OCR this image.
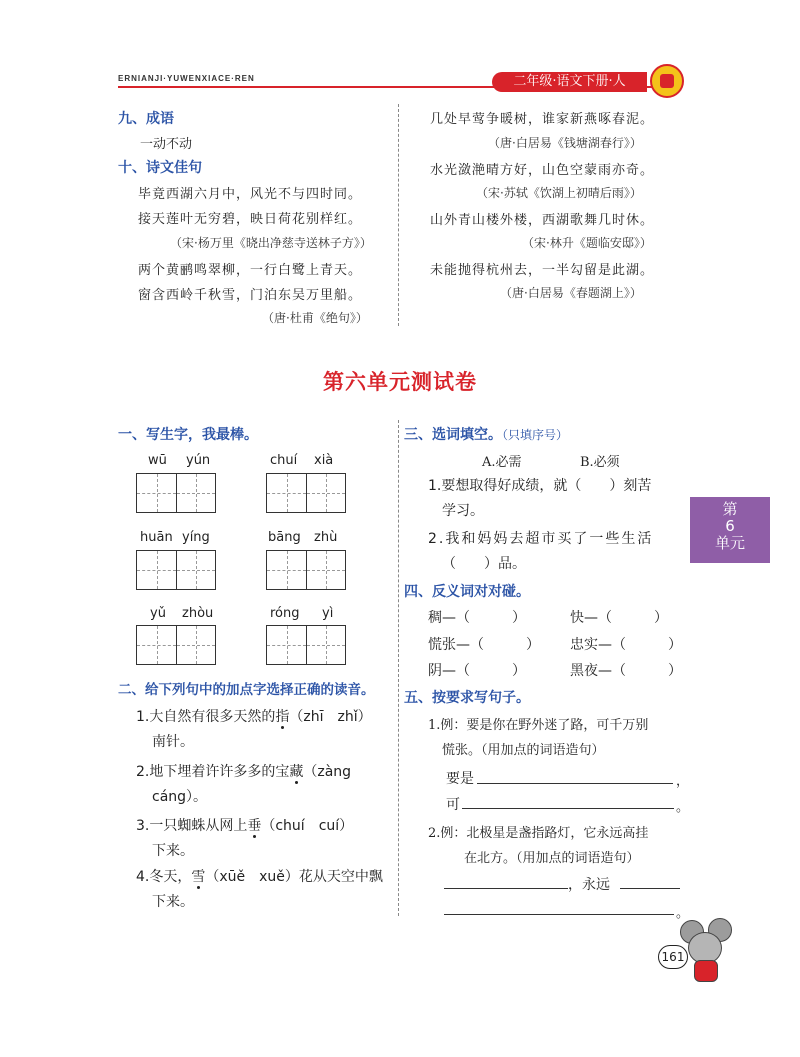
ERNIANJI·YUWENXIACE·REN	二年级·语文下册·人
九、成语
一动不动
十、诗文佳句
毕竟西湖六月中，风光不与四时同。
接天莲叶无穷碧，映日荷花别样红。
（宋·杨万里《晓出净慈寺送林子方》）
两个黄鹂鸣翠柳，一行白鹭上青天。
窗含西岭千秋雪，门泊东吴万里船。
（唐·杜甫《绝句》）
几处早莺争暖树，谁家新燕啄春泥。
（唐·白居易《钱塘湖春行》）
水光潋滟晴方好，山色空蒙雨亦奇。
（宋·苏轼《饮湖上初晴后雨》）
山外青山楼外楼，西湖歌舞几时休。
（宋·林升《题临安邸》）
未能抛得杭州去，一半勾留是此湖。
（唐·白居易《春题湖上》）
第六单元测试卷
一、写生字，我最棒。
wū yún	chuí xià
huān yíng	bāng zhù
yǔ zhòu	róng yì
二、给下列句中的加点字选择正确的读音。
1.大自然有很多天然的指（zhī　zhǐ）
南针。
2.地下埋着许许多多的宝藏（zàng
cáng）。
3.一只蜘蛛从网上垂（chuí　cuí）
下来。
4.冬天，雪（xūě　xuě）花从天空中飘
下来。
三、选词填空。（只填序号）
A.必需	B.必须
1.要想取得好成绩，就（　　）刻苦
学习。
2.我和妈妈去超市买了一些生活
（　　）品。
四、反义词对对碰。
稠—（　　　）	快—（　　　）
慌张—（　　　） 忠实—（　　　）
阴—（　　　）	黑夜—（　　　）
五、按要求写句子。
1.例：要是你在野外迷了路，可千万别
慌张。（用加点的词语造句）
要是	，
可	。
2.例：北极星是盏指路灯，它永远高挂
在北方。（用加点的词语造句）
，永远
。
第
6
单元
161
